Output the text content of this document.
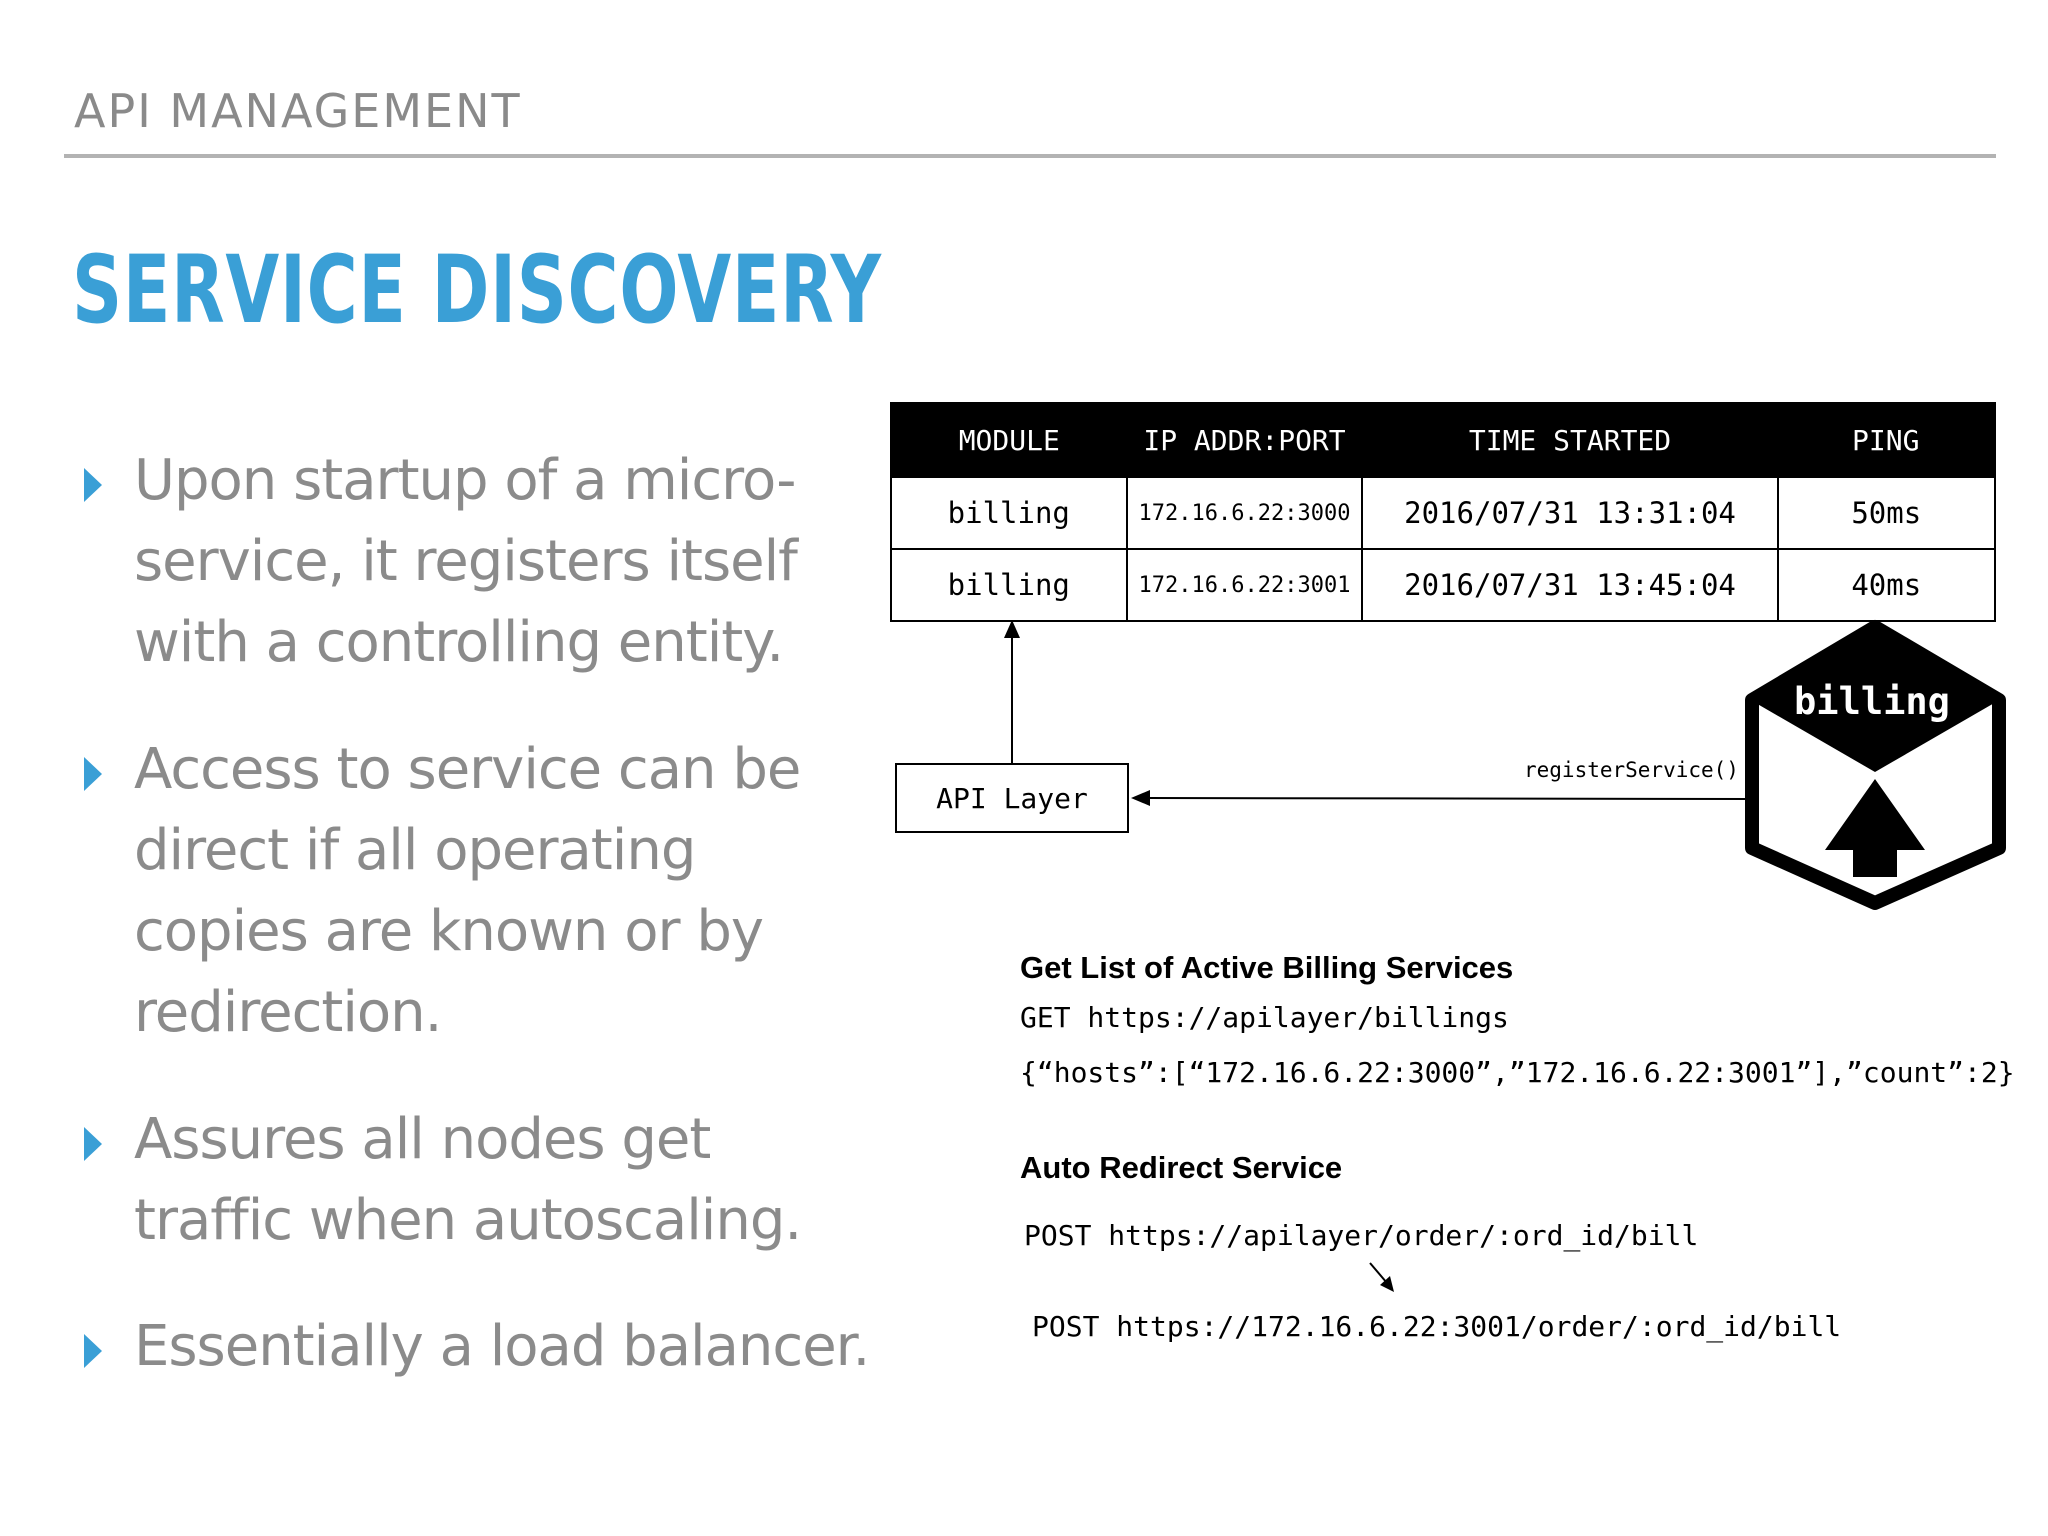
API MANAGEMENT
SERVICE DISCOVERY
Upon startup of a micro-
service, it registers itself
with a controlling entity.
Access to service can be
direct if all operating
copies are known or by
redirection.
Assures all nodes get
traffic when autoscaling.
Essentially a load balancer.
MODULE	IP ADDR:PORT	TIME STARTED	PING
billing	172.16.6.22:3000	2016/07/31 13:31:04	50ms
billing	172.16.6.22:3001	2016/07/31 13:45:04	40ms
API Layer
registerService()
billing
Get List of Active Billing Services
GET https://apilayer/billings
{“hosts”:[“172.16.6.22:3000”,”172.16.6.22:3001”],”count”:2}
Auto Redirect Service
POST https://apilayer/order/:ord_id/bill
POST https://172.16.6.22:3001/order/:ord_id/bill
